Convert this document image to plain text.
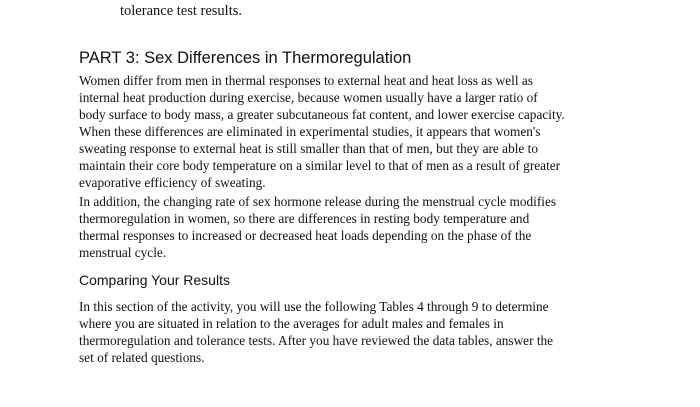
tolerance test results.
PART 3: Sex Differences in Thermoregulation

Women differ from men in thermal responses to external heat and heat loss as well as
internal heat production during exercise, because women usually have a larger ratio of
body surface to body mass, a greater subcutaneous fat content, and lower exercise capacity.
When these differences are eliminated in experimental studies, it appears that women's
sweating response to external heat is still smaller than that of men, but they are able to
maintain their core body temperature on a similar level to that of men as a result of greater
evaporative efficiency of sweating.

In addition, the changing rate of sex hormone release during the menstrual cycle modifies
thermoregulation in women, so there are differences in resting body temperature and
thermal responses to increased or decreased heat loads depending on the phase of the
menstrual cycle.

Comparing Your Results

In this section of the activity, you will use the following Tables 4 through 9 to determine
where you are situated in relation to the averages for adult males and females in
thermoregulation and tolerance tests. After you have reviewed the data tables, answer the
set of related questions.
